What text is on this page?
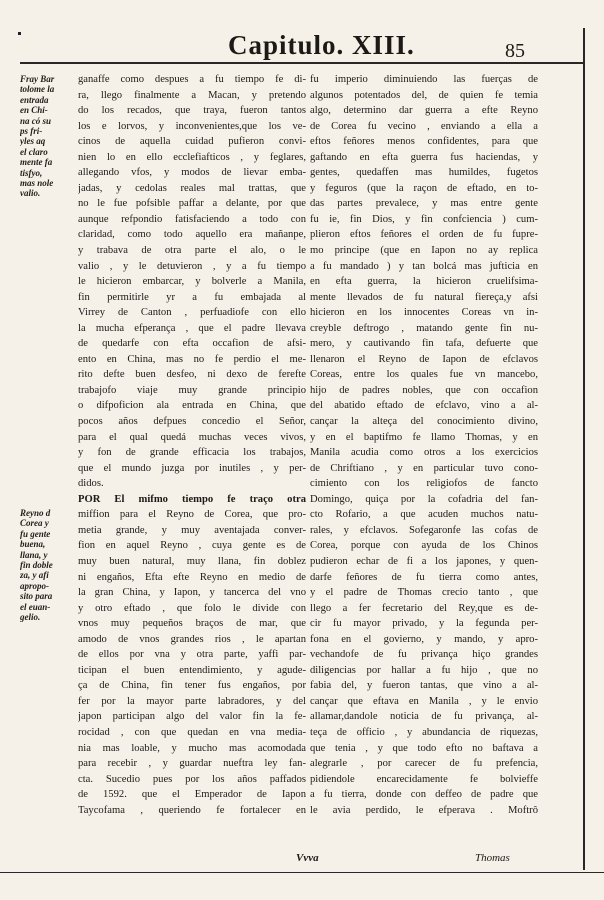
Capitulo. XIII.	85
Fray Bar
tolome la
entrada
en Chi-
na có su
ps fri-
yles aq
el claro
mente fa
tisfyo,
mas nole
valio.
Reyno d
Corea y
fu gente
buena,
llana, y
fin doble
za, y afi
apropo-
sito para
el euan-
gelio.
ganaffe como despues a fu tiempo fe di-
ra, llego finalmente a Macan, y pretendo
do los recados, que traya, fueron tantos
los e lorvos, y inconvenientes,que los ve-
cinos de aquella cuidad pufieron convi-
nien lo en ello ecclefiafticos , y feglares,
allegando vfos, y modos de lievar emba-
jadas, y cedolas reales mal trattas, que
no le fue pofsible paffar a delante, por que
aunque refpondio fatisfaciendo a todo con
claridad, como todo aquello era mañanpe,
y trabava de otra parte el alo, o le
valio , y le detuvieron , y a fu tiempo
le hicieron embarcar, y bolverle a Manila,
fin permitirle yr a fu embajada al
Virrey de Canton , perfuadiofe con ello
la mucha efperança , que el padre llevava
de quedarfe con efta occafion de afsi-
ento en China, mas no fe perdio el me-
rito defte buen desfeo, ni dexo de ferefte
trabajofo viaje muy grande principio
o difpoficion ala entrada en China, que
pocos años defpues concedio el Señor,
para el qual quedá muchas veces vivos,
y fon de grande efficacia los trabajos,
que el mundo juzga por inutiles , y per-
didos.
POR El mifmo tiempo fe traço otra
miffion para el Reyno de Corea, que pro-
metia grande, y muy aventajada conver-
fion en aquel Reyno , cuya gente es de
muy buen natural, muy llana, fin doblez
ni engaños, Efta efte Reyno en medio de
la gran China, y Iapon, y tancerca del vno
y otro eftado , que folo le divide con
vnos muy pequeños braços de mar, que
amodo de vnos grandes rios , le apartan
de ellos por vna y otra parte, yaffi par-
ticipan el buen entendimiento, y agude-
ça de China, fin tener fus engaños, por
fer por la mayor parte labradores, y del
japon participan algo del valor fin la fe-
rocidad , con que quedan en vna media-
nia mas loable, y mucho mas acomodada
para recebir , y guardar nueftra ley fan-
cta. Sucedio pues por los años paffados
de 1592. que el Emperador de Iapon
Taycofama , queriendo fe fortalecer en
fu imperio diminuiendo las fuerças de
algunos potentados del, de quien fe temia
algo, determino dar guerra a efte Reyno
de Corea fu vecino , enviando a ella a
eftos feñores menos confidentes, para que
gaftando en efta guerra fus haciendas, y
gentes, quedaffen mas humildes, fugetos
y feguros (que la raçon de eftado, en to-
das partes prevalece, y mas entre gente
fu ie, fin Dios, y fin confciencia ) cum-
plieron eftos feñores el orden de fu fupre-
mo principe (que en Iapon no ay replica
a fu mandado ) y tan bolcá mas jufticia en
en efta guerra, la hicieron cruelifsima-
mente llevados de fu natural fiereça,y afsi
hicieron en los innocentes Coreas vn in-
creyble deftrogo , matando gente fin nu-
mero, y cautivando fin tafa, defuerte que
llenaron el Reyno de Iapon de efclavos
Coreas, entre los quales fue vn mancebo,
hijo de padres nobles, que con occafion
del abatido eftado de efclavo, vino a al-
cançar la alteça del conocimiento divino,
y en el baptifmo fe llamo Thomas, y en
Manila acudia como otros a los exercicios
de Chriftiano , y en particular tuvo cono-
cimiento con los religiofos de fancto
Domingo, quiça por la cofadria del fan-
cto Rofario, a que acuden muchos natu-
rales, y efclavos. Sofegaronfe las cofas de
Corea, porque con ayuda de los Chinos
pudieron echar de fi a los japones, y quen-
darfe feñores de fu tierra como antes,
y el padre de Thomas crecio tanto , que
llego a fer fecretario del Rey,que es de-
cir fu mayor privado, y la fegunda per-
fona en el govierno, y mando, y apro-
vechandofe de fu privança hiço grandes
diligencias por hallar a fu hijo , que no
fabia del, y fueron tantas, que vino a al-
cançar que eftava en Manila , y le envio
allamar,dandole noticia de fu privança, al-
teça de officio , y abundancia de riquezas,
que tenia , y que todo efto no baftava a
alegrarle , por carecer de fu prefencia,
pidiendole encarecidamente fe bolvieffe
a fu tierra, donde con deffeo de padre que
le avia perdido, le efperava . Moftrô
Vvva	Thomas
